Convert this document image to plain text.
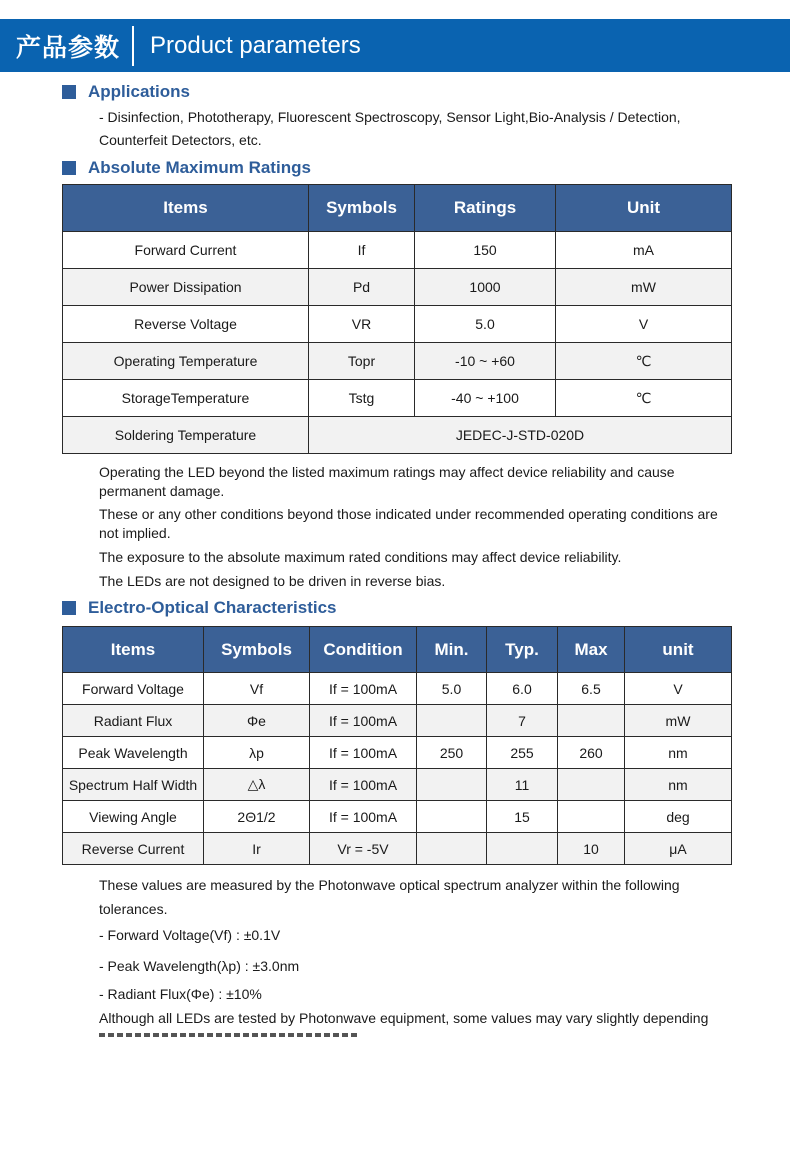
产品参数 Product parameters
Applications
- Disinfection, Phototherapy, Fluorescent Spectroscopy, Sensor Light,Bio-Analysis / Detection,
Counterfeit Detectors, etc.
Absolute Maximum Ratings
Items	Symbols	Ratings	Unit
Forward Current	If	150	mA
Power Dissipation	Pd	1000	mW
Reverse Voltage	VR	5.0	V
Operating Temperature	Topr	-10 ~ +60	℃
StorageTemperature	Tstg	-40 ~ +100	℃
Soldering Temperature	JEDEC-J-STD-020D		
Operating the LED beyond the listed maximum ratings may affect device reliability and cause permanent damage.
These or any other conditions beyond those indicated under recommended operating conditions are not implied.
The exposure to the absolute maximum rated conditions may affect device reliability.
The LEDs are not designed to be driven in reverse bias.
Electro-Optical Characteristics
Items	Symbols	Condition	Min.	Typ.	Max	unit
Forward Voltage	Vf	If = 100mA	5.0	6.0	6.5	V
Radiant Flux	Φe	If = 100mA		7		mW
Peak Wavelength	λp	If = 100mA	250	255	260	nm
Spectrum Half Width	△λ	If = 100mA		11		nm
Viewing Angle	2Θ1/2	If = 100mA		15		deg
Reverse Current	Ir	Vr = -5V			10	μA
These values are measured by the Photonwave optical spectrum analyzer within the following
tolerances.
- Forward Voltage(Vf) : ±0.1V
- Peak Wavelength(λp) : ±3.0nm
- Radiant Flux(Φe) : ±10%
Although all LEDs are tested by Photonwave equipment, some values may vary slightly depending
